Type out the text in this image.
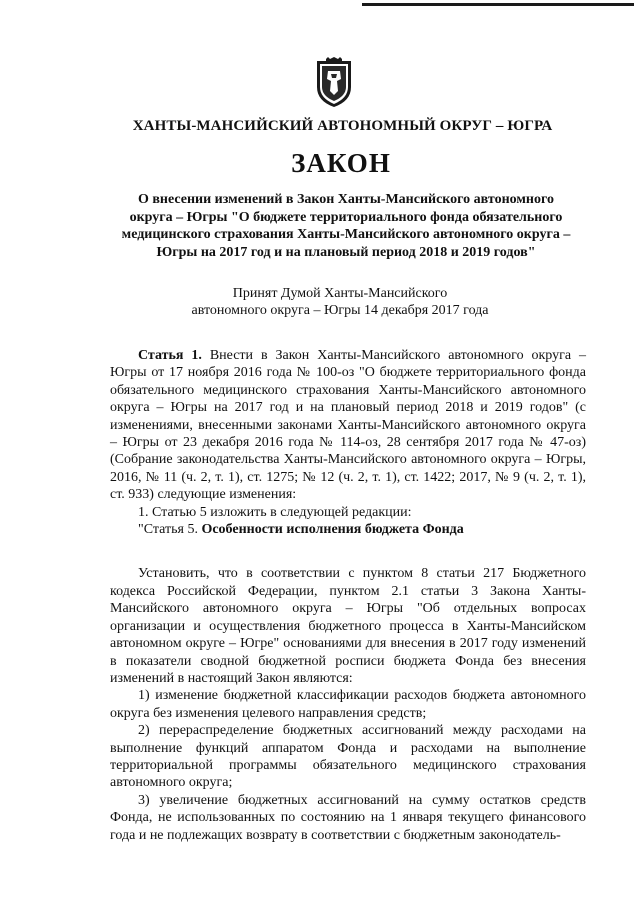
ХАНТЫ-МАНСИЙСКИЙ АВТОНОМНЫЙ ОКРУГ – ЮГРА
ЗАКОН
О внесении изменений в Закон Ханты-Мансийского автономного округа – Югры "О бюджете территориального фонда обязательного медицинского страхования Ханты-Мансийского автономного округа – Югры на 2017 год и на плановый период 2018 и 2019 годов"
Принят Думой Ханты-Мансийского
автономного округа – Югры 14 декабря 2017 года

Статья 1. Внести в Закон Ханты-Мансийского автономного округа – Югры от 17 ноября 2016 года № 100-оз "О бюджете территориального фонда обязательного медицинского страхования Ханты-Мансийского автономного округа – Югры на 2017 год и на плановый период 2018 и 2019 годов" (с изменениями, внесенными законами Ханты-Мансийского автономного округа – Югры от 23 декабря 2016 года № 114-оз, 28 сентября 2017 года № 47-оз) (Собрание законодательства Ханты-Мансийского автономного округа – Югры, 2016, № 11 (ч. 2, т. 1), ст. 1275; № 12 (ч. 2, т. 1), ст. 1422; 2017, № 9 (ч. 2, т. 1), ст. 933) следующие изменения:

1. Статью 5 изложить в следующей редакции:

"Статья 5. Особенности исполнения бюджета Фонда

Установить, что в соответствии с пунктом 8 статьи 217 Бюджетного кодекса Российской Федерации, пунктом 2.1 статьи 3 Закона Ханты-Мансийского автономного округа – Югры "Об отдельных вопросах организации и осуществления бюджетного процесса в Ханты-Мансийском автономном округе – Югре" основаниями для внесения в 2017 году изменений в показатели сводной бюджетной росписи бюджета Фонда без внесения изменений в настоящий Закон являются:

1) изменение бюджетной классификации расходов бюджета автономного округа без изменения целевого направления средств;

2) перераспределение бюджетных ассигнований между расходами на выполнение функций аппаратом Фонда и расходами на выполнение территориальной программы обязательного медицинского страхования автономного округа;

3) увеличение бюджетных ассигнований на сумму остатков средств Фонда, не использованных по состоянию на 1 января текущего финансового года и не подлежащих возврату в соответствии с бюджетным законодатель-
